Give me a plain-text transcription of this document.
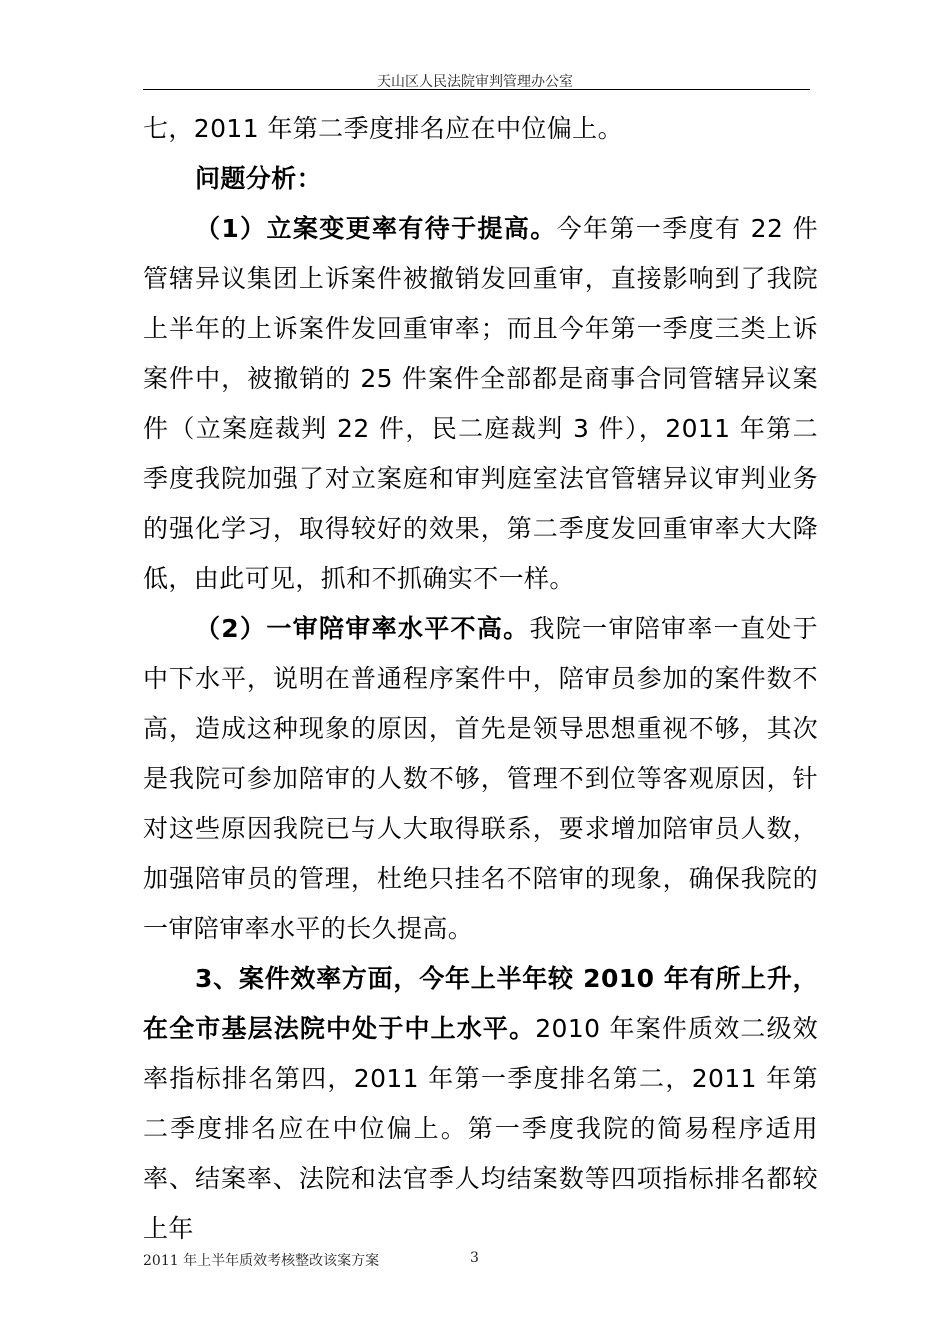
天山区人民法院审判管理办公室

七，2011 年第二季度排名应在中位偏上。

问题分析：

（1）立案变更率有待于提高。今年第一季度有 22 件管辖异议集团上诉案件被撤销发回重审，直接影响到了我院上半年的上诉案件发回重审率；而且今年第一季度三类上诉案件中，被撤销的 25 件案件全部都是商事合同管辖异议案件（立案庭裁判 22 件，民二庭裁判 3 件），2011 年第二季度我院加强了对立案庭和审判庭室法官管辖异议审判业务的强化学习，取得较好的效果，第二季度发回重审率大大降低，由此可见，抓和不抓确实不一样。

（2）一审陪审率水平不高。我院一审陪审率一直处于中下水平，说明在普通程序案件中，陪审员参加的案件数不高，造成这种现象的原因，首先是领导思想重视不够，其次是我院可参加陪审的人数不够，管理不到位等客观原因，针对这些原因我院已与人大取得联系，要求增加陪审员人数，加强陪审员的管理，杜绝只挂名不陪审的现象，确保我院的一审陪审率水平的长久提高。

3、案件效率方面，今年上半年较 2010 年有所上升，在全市基层法院中处于中上水平。2010 年案件质效二级效率指标排名第四，2011 年第一季度排名第二，2011 年第二季度排名应在中位偏上。第一季度我院的简易程序适用率、结案率、法院和法官季人均结案数等四项指标排名都较上年

2011 年上半年质效考核整改该案方案	3
